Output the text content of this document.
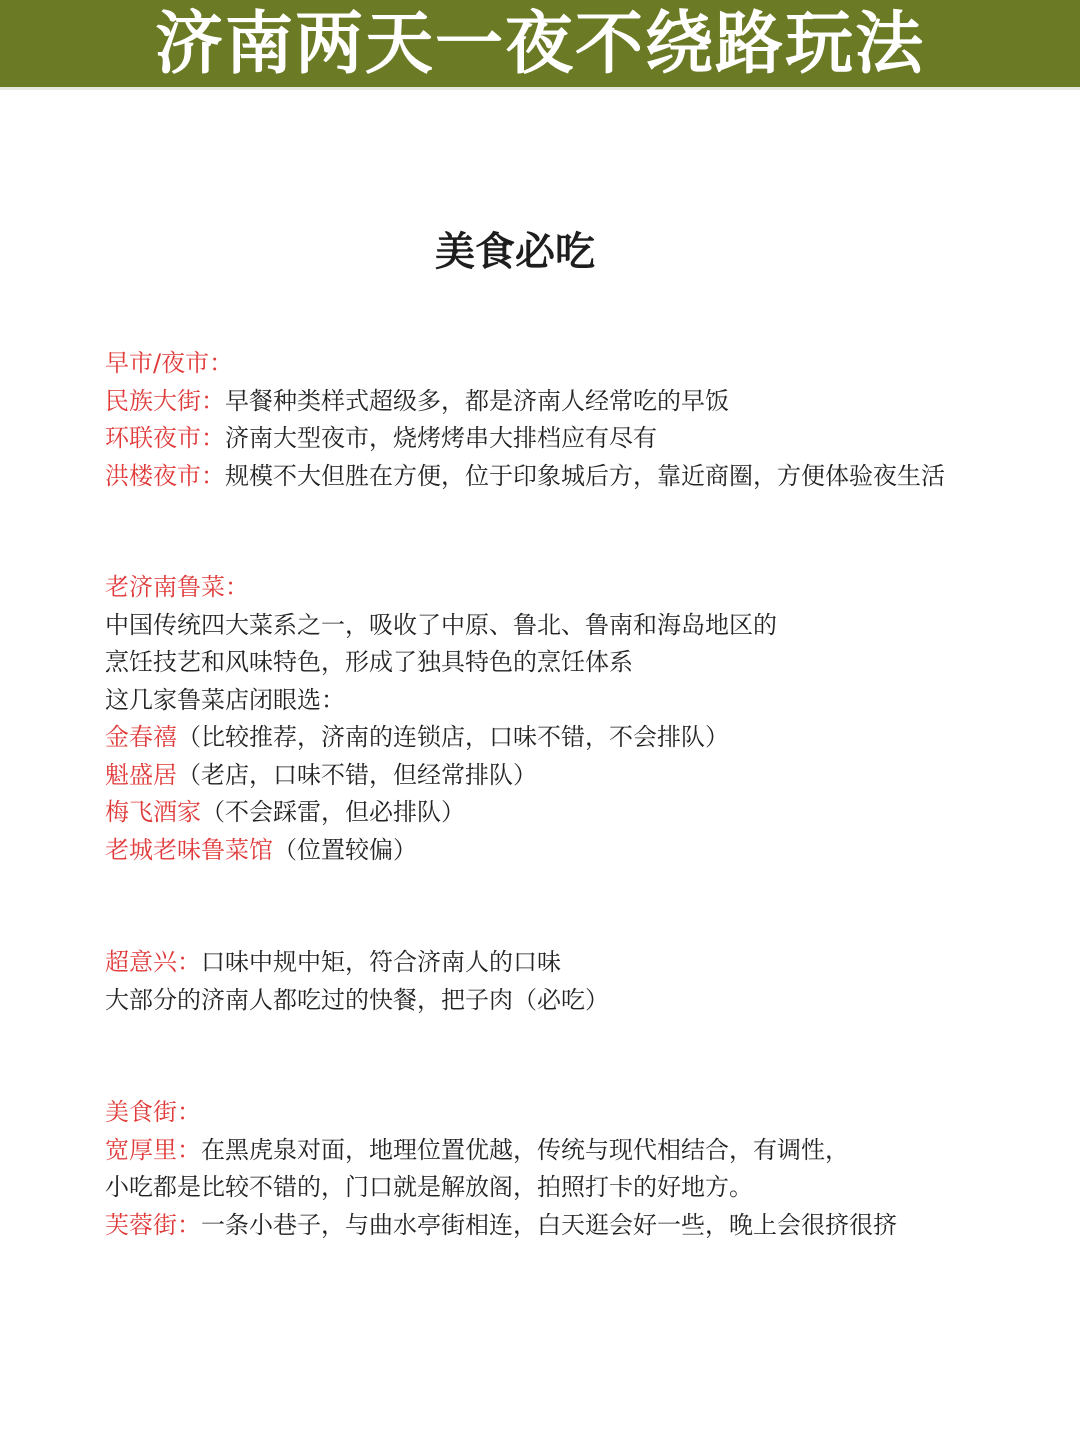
济南两天一夜不绕路玩法
美食必吃
早市/夜市：
民族大街：早餐种类样式超级多，都是济南人经常吃的早饭
环联夜市：济南大型夜市，烧烤烤串大排档应有尽有
洪楼夜市：规模不大但胜在方便，位于印象城后方，靠近商圈，方便体验夜生活
老济南鲁菜：
中国传统四大菜系之一，吸收了中原、鲁北、鲁南和海岛地区的
烹饪技艺和风味特色，形成了独具特色的烹饪体系
这几家鲁菜店闭眼选：
金春禧（比较推荐，济南的连锁店，口味不错，不会排队）
魁盛居（老店，口味不错，但经常排队）
梅飞酒家（不会踩雷，但必排队）
老城老味鲁菜馆（位置较偏）
超意兴：口味中规中矩，符合济南人的口味
大部分的济南人都吃过的快餐，把子肉（必吃）
美食街：
宽厚里：在黑虎泉对面，地理位置优越，传统与现代相结合，有调性，
小吃都是比较不错的，门口就是解放阁，拍照打卡的好地方。
芙蓉街：一条小巷子，与曲水亭街相连，白天逛会好一些，晚上会很挤很挤
